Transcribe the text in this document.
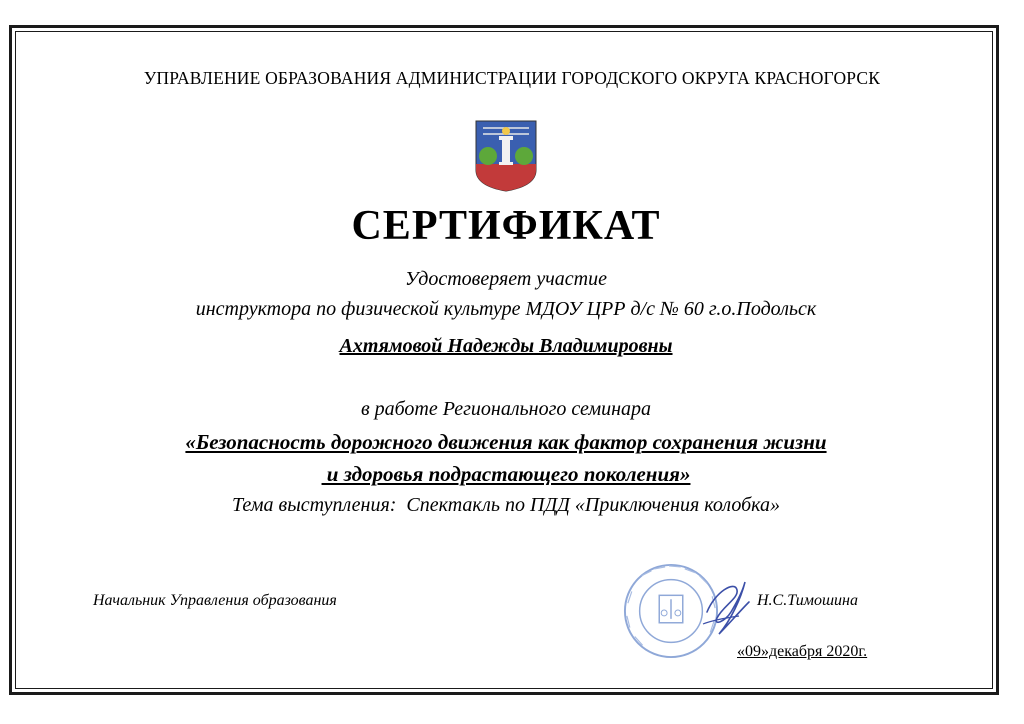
УПРАВЛЕНИЕ ОБРАЗОВАНИЯ АДМИНИСТРАЦИИ ГОРОДСКОГО ОКРУГА КРАСНОГОРСК
СЕРТИФИКАТ
Удостоверяет участие
инструктора по физической культуре МДОУ ЦРР д/с № 60 г.о.Подольск
Ахтямовой Надежды Владимировны
в работе Регионального семинара
«Безопасность дорожного движения как фактор сохранения жизни
и здоровья подрастающего поколения»
Тема выступления:  Спектакль по ПДД «Приключения колобка»
Начальник Управления образования	Н.С.Тимошина
«09»декабря 2020г.
